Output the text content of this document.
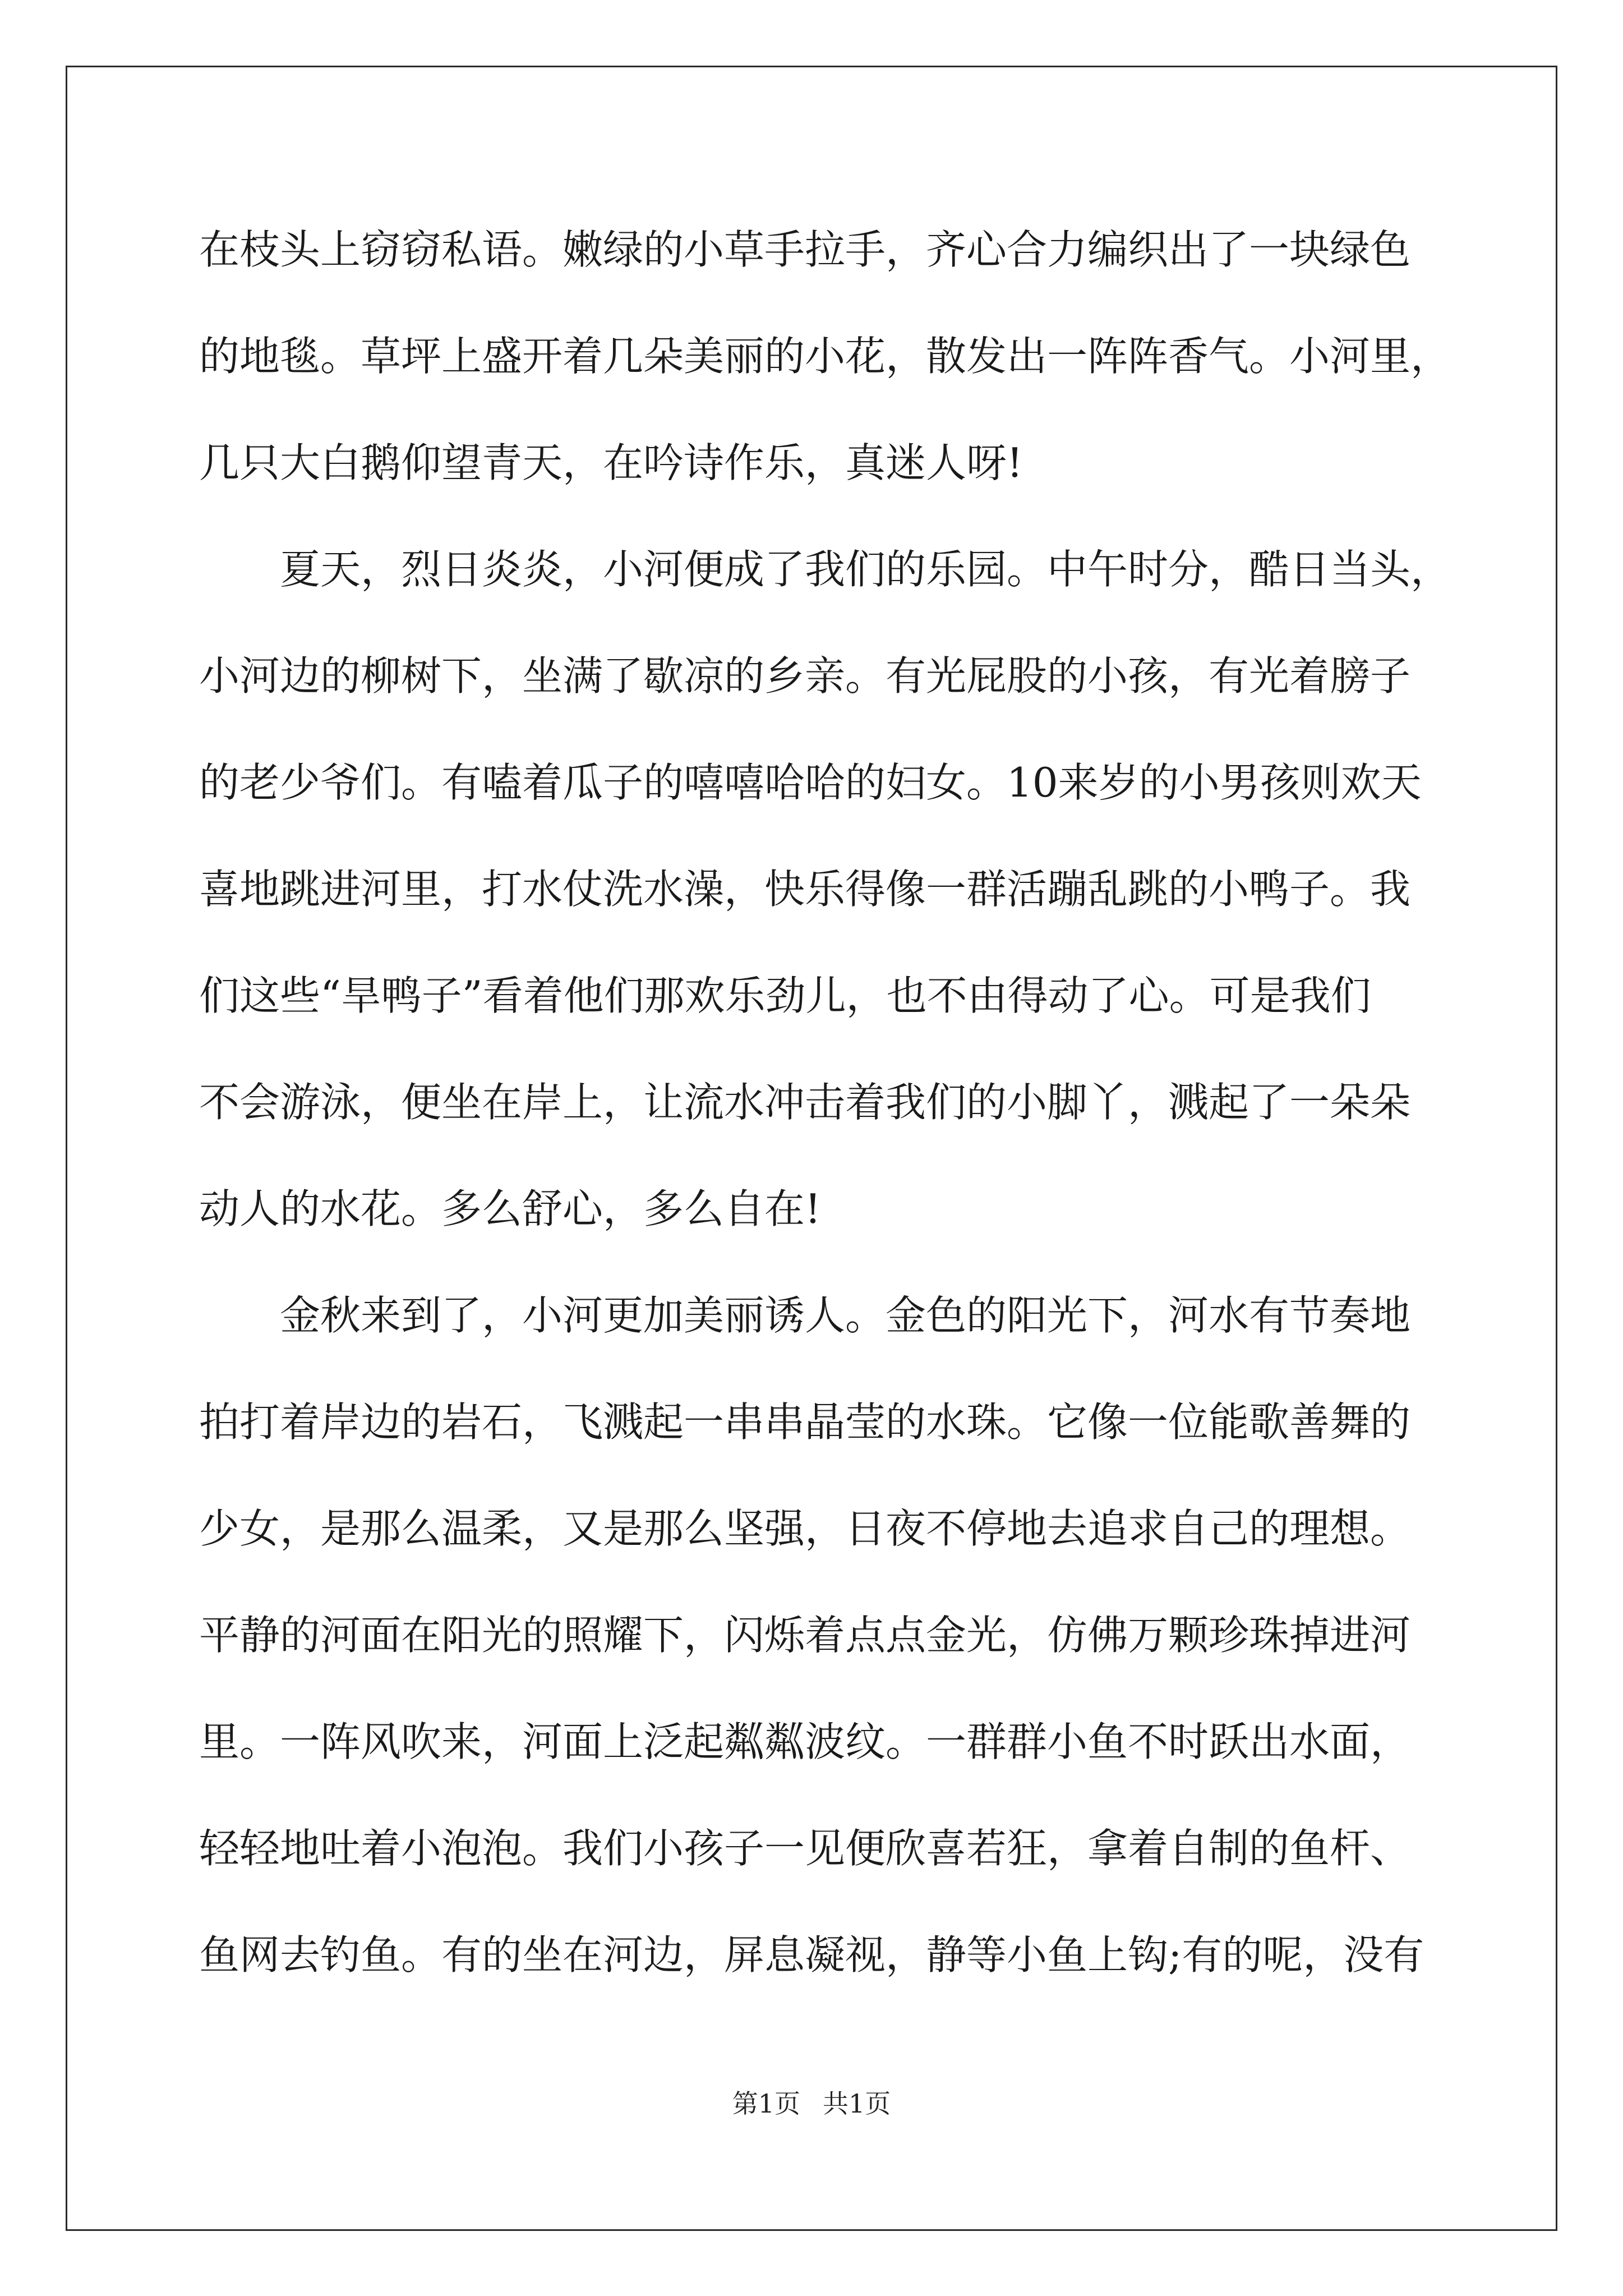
在枝头上窃窃私语。嫩绿的小草手拉手，齐心合力编织出了一块绿色
的地毯。草坪上盛开着几朵美丽的小花，散发出一阵阵香气。小河里，
几只大白鹅仰望青天，在吟诗作乐，真迷人呀!
　　夏天，烈日炎炎，小河便成了我们的乐园。中午时分，酷日当头，
小河边的柳树下，坐满了歇凉的乡亲。有光屁股的小孩，有光着膀子
的老少爷们。有嗑着瓜子的嘻嘻哈哈的妇女。10来岁的小男孩则欢天
喜地跳进河里，打水仗洗水澡，快乐得像一群活蹦乱跳的小鸭子。我
们这些“旱鸭子”看着他们那欢乐劲儿，也不由得动了心。可是我们
不会游泳，便坐在岸上，让流水冲击着我们的小脚丫，溅起了一朵朵
动人的水花。多么舒心，多么自在!
　　金秋来到了，小河更加美丽诱人。金色的阳光下，河水有节奏地
拍打着岸边的岩石，飞溅起一串串晶莹的水珠。它像一位能歌善舞的
少女，是那么温柔，又是那么坚强，日夜不停地去追求自己的理想。
平静的河面在阳光的照耀下，闪烁着点点金光，仿佛万颗珍珠掉进河
里。一阵风吹来，河面上泛起粼粼波纹。一群群小鱼不时跃出水面，
轻轻地吐着小泡泡。我们小孩子一见便欣喜若狂，拿着自制的鱼杆、
鱼网去钓鱼。有的坐在河边，屏息凝视，静等小鱼上钩;有的呢，没有
第1页 共1页
